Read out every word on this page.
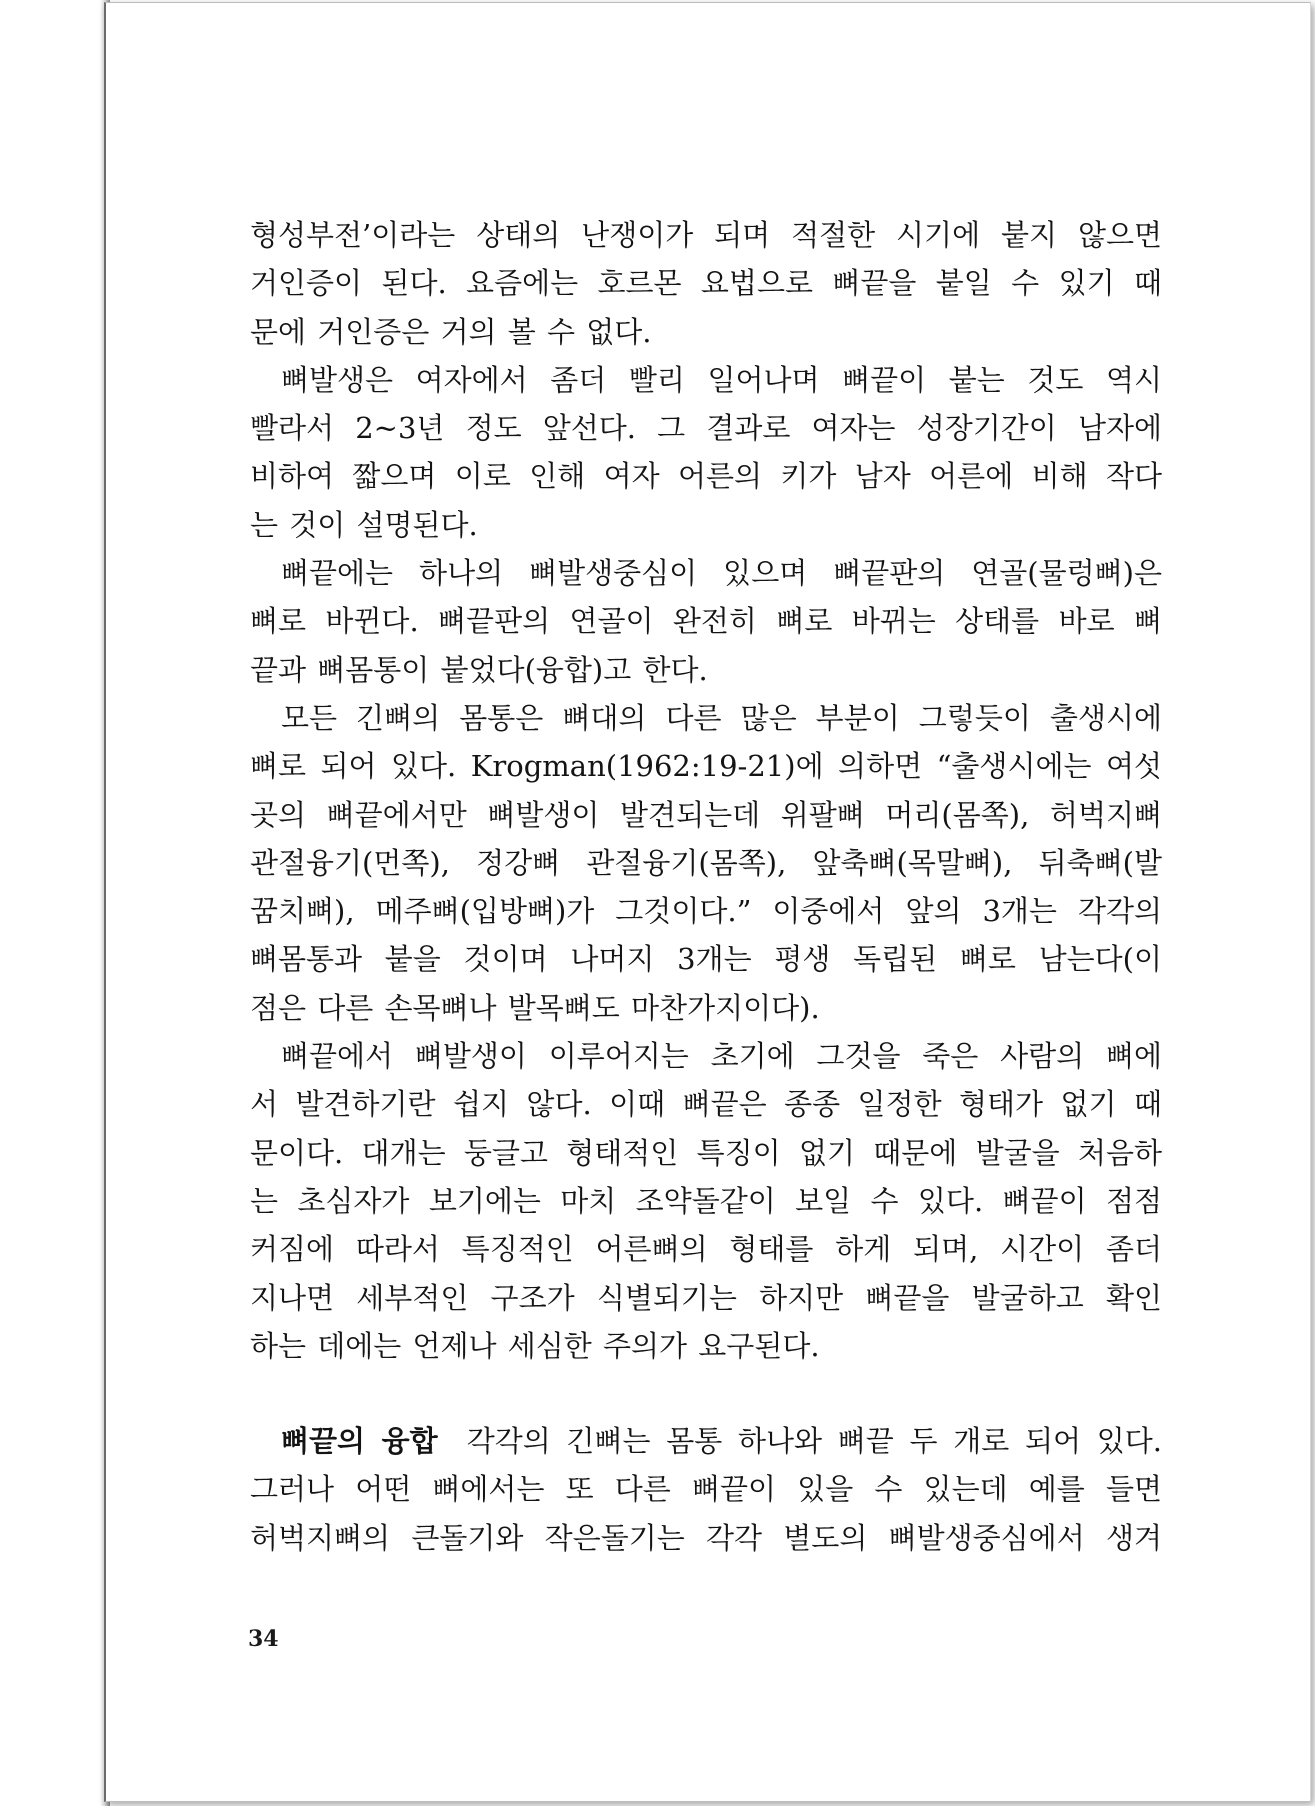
형성부전’이라는 상태의 난쟁이가 되며 적절한 시기에 붙지 않으면
거인증이 된다. 요즘에는 호르몬 요법으로 뼈끝을 붙일 수 있기 때
문에 거인증은 거의 볼 수 없다.

뼈발생은 여자에서 좀더 빨리 일어나며 뼈끝이 붙는 것도 역시
빨라서 2~3년 정도 앞선다. 그 결과로 여자는 성장기간이 남자에
비하여 짧으며 이로 인해 여자 어른의 키가 남자 어른에 비해 작다
는 것이 설명된다.

뼈끝에는 하나의 뼈발생중심이 있으며 뼈끝판의 연골(물렁뼈)은
뼈로 바뀐다. 뼈끝판의 연골이 완전히 뼈로 바뀌는 상태를 바로 뼈
끝과 뼈몸통이 붙었다(융합)고 한다.

모든 긴뼈의 몸통은 뼈대의 다른 많은 부분이 그렇듯이 출생시에
뼈로 되어 있다. Krogman(1962:19-21)에 의하면 “출생시에는 여섯
곳의 뼈끝에서만 뼈발생이 발견되는데 위팔뼈 머리(몸쪽), 허벅지뼈
관절융기(먼쪽), 정강뼈 관절융기(몸쪽), 앞축뼈(목말뼈), 뒤축뼈(발
꿈치뼈), 메주뼈(입방뼈)가 그것이다.” 이중에서 앞의 3개는 각각의
뼈몸통과 붙을 것이며 나머지 3개는 평생 독립된 뼈로 남는다(이
점은 다른 손목뼈나 발목뼈도 마찬가지이다).

뼈끝에서 뼈발생이 이루어지는 초기에 그것을 죽은 사람의 뼈에
서 발견하기란 쉽지 않다. 이때 뼈끝은 종종 일정한 형태가 없기 때
문이다. 대개는 둥글고 형태적인 특징이 없기 때문에 발굴을 처음하
는 초심자가 보기에는 마치 조약돌같이 보일 수 있다. 뼈끝이 점점
커짐에 따라서 특징적인 어른뼈의 형태를 하게 되며, 시간이 좀더
지나면 세부적인 구조가 식별되기는 하지만 뼈끝을 발굴하고 확인
하는 데에는 언제나 세심한 주의가 요구된다.

뼈끝의 융합  각각의 긴뼈는 몸통 하나와 뼈끝 두 개로 되어 있다.
그러나 어떤 뼈에서는 또 다른 뼈끝이 있을 수 있는데 예를 들면
허벅지뼈의 큰돌기와 작은돌기는 각각 별도의 뼈발생중심에서 생겨

34
